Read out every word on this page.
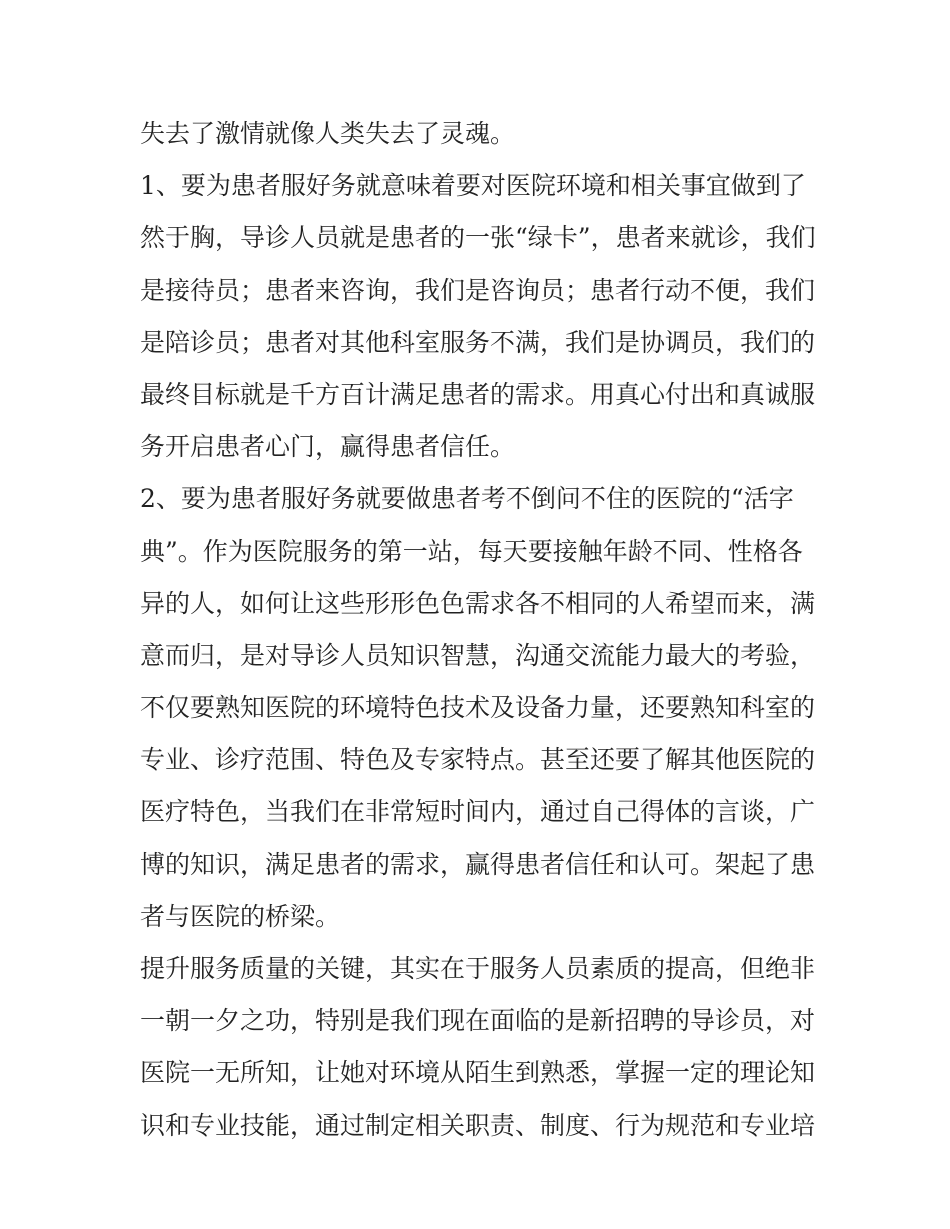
失去了激情就像人类失去了灵魂。
1、要为患者服好务就意味着要对医院环境和相关事宜做到了
然于胸，导诊人员就是患者的一张“绿卡”，患者来就诊，我们
是接待员；患者来咨询，我们是咨询员；患者行动不便，我们
是陪诊员；患者对其他科室服务不满，我们是协调员，我们的
最终目标就是千方百计满足患者的需求。用真心付出和真诚服
务开启患者心门，赢得患者信任。
2、要为患者服好务就要做患者考不倒问不住的医院的“活字
典”。作为医院服务的第一站，每天要接触年龄不同、性格各
异的人，如何让这些形形色色需求各不相同的人希望而来，满
意而归，是对导诊人员知识智慧，沟通交流能力最大的考验，
不仅要熟知医院的环境特色技术及设备力量，还要熟知科室的
专业、诊疗范围、特色及专家特点。甚至还要了解其他医院的
医疗特色，当我们在非常短时间内，通过自己得体的言谈，广
博的知识，满足患者的需求，赢得患者信任和认可。架起了患
者与医院的桥梁。
提升服务质量的关键，其实在于服务人员素质的提高，但绝非
一朝一夕之功，特别是我们现在面临的是新招聘的导诊员，对
医院一无所知，让她对环境从陌生到熟悉，掌握一定的理论知
识和专业技能，通过制定相关职责、制度、行为规范和专业培
